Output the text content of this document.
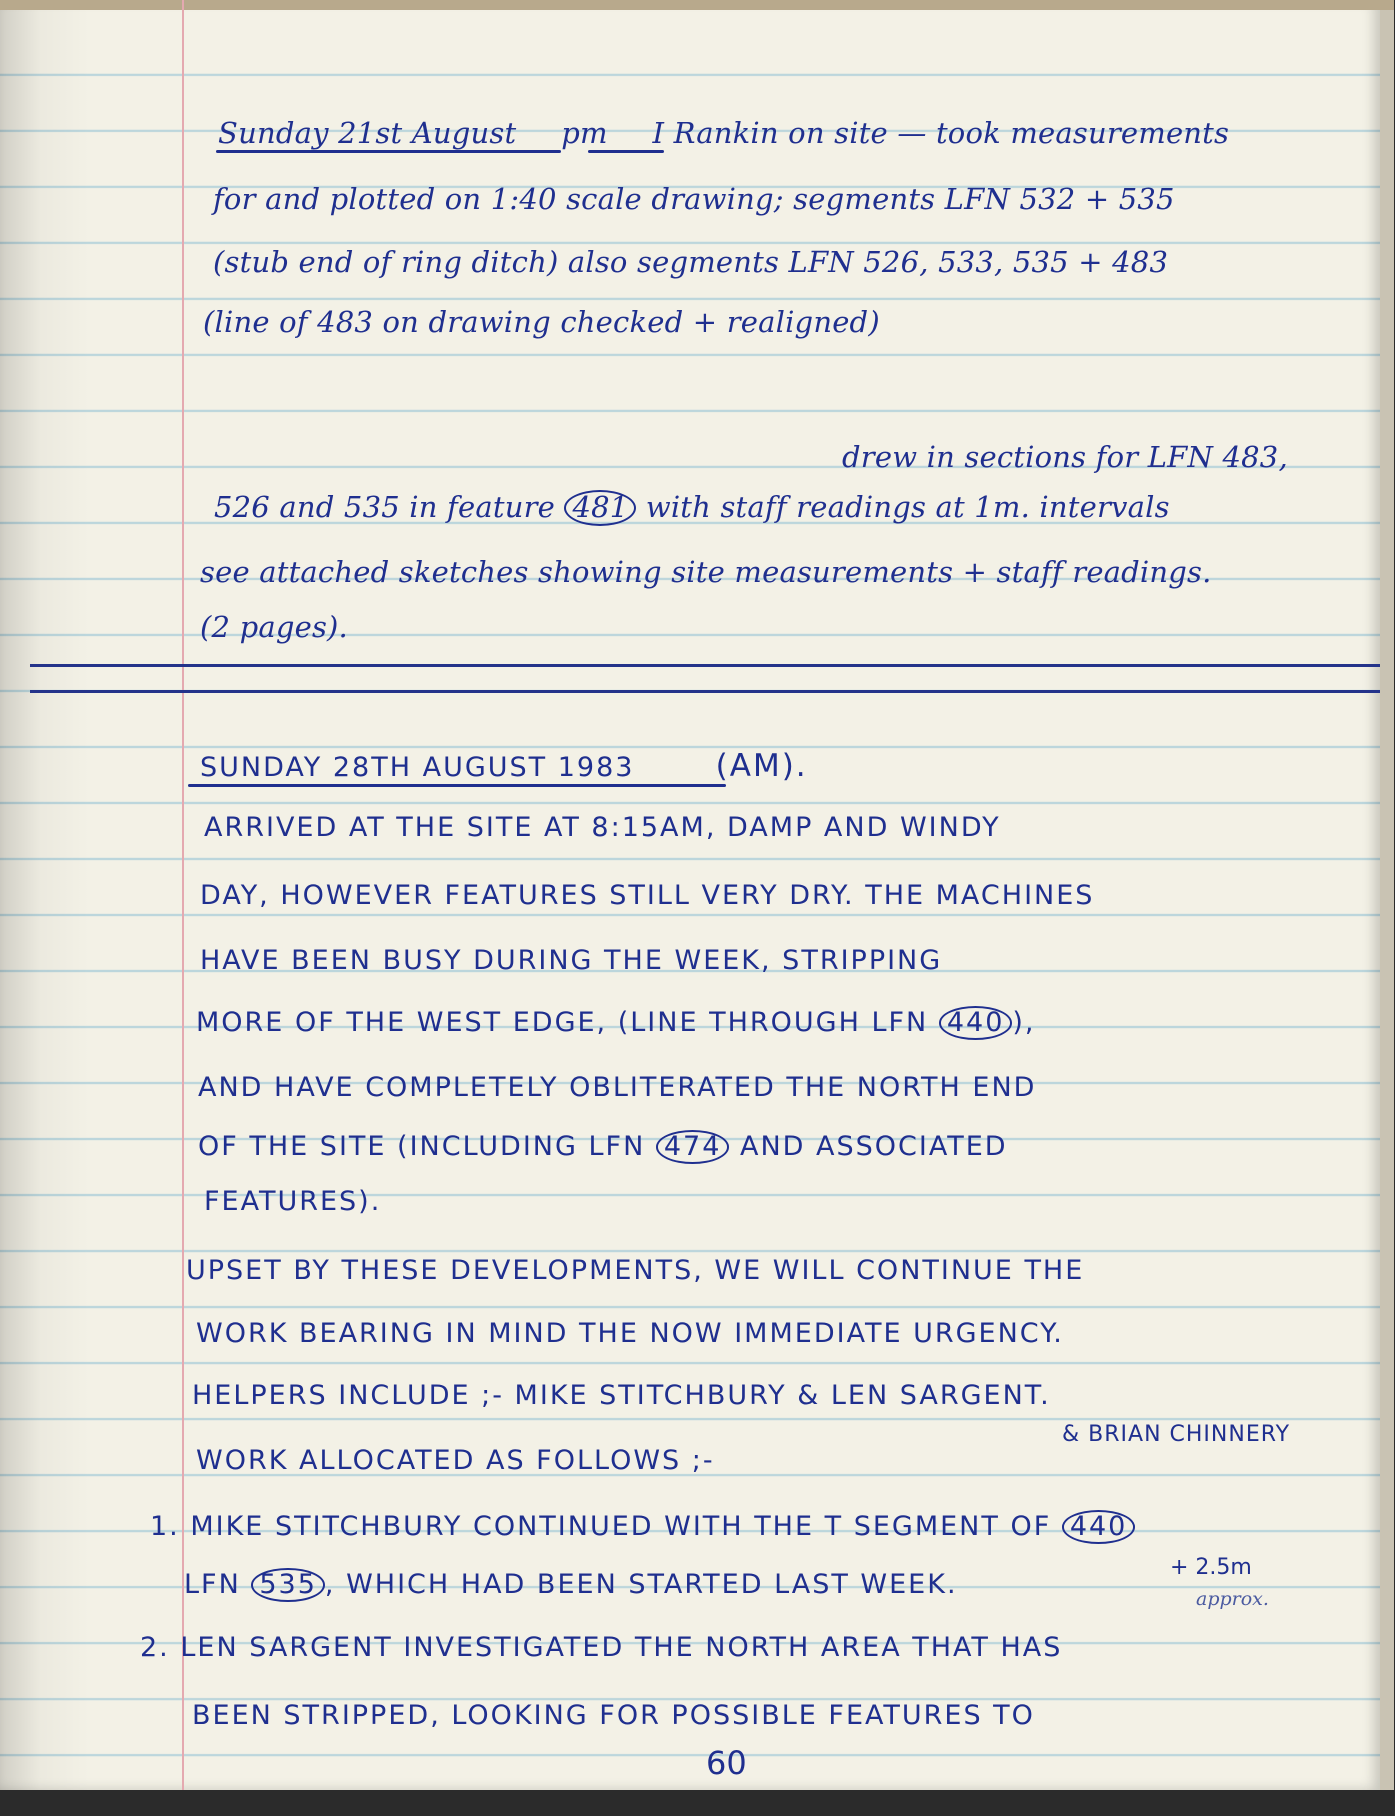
Sunday 21st August pm I Rankin on site — took measurements
for and plotted on 1:40 scale drawing; segments LFN 532 + 535
(stub end of ring ditch) also segments LFN 526, 533, 535 + 483
(line of 483 on drawing checked + realigned)
drew in sections for LFN 483,
526 and 535 in feature 481 with staff readings at 1m. intervals
see attached sketches showing site measurements + staff readings.
(2 pages).
SUNDAY 28TH AUGUST 1983	(AM).
ARRIVED AT THE SITE AT 8:15AM, DAMP AND WINDY
DAY, HOWEVER FEATURES STILL VERY DRY. THE MACHINES
HAVE BEEN BUSY DURING THE WEEK, STRIPPING
MORE OF THE WEST EDGE, (LINE THROUGH LFN 440 ),
AND HAVE COMPLETELY OBLITERATED THE NORTH END
OF THE SITE (INCLUDING LFN 474 AND ASSOCIATED
FEATURES).
UPSET BY THESE DEVELOPMENTS, WE WILL CONTINUE THE
WORK BEARING IN MIND THE NOW IMMEDIATE URGENCY.
HELPERS INCLUDE ;- MIKE STITCHBURY & LEN SARGENT.
& BRIAN CHINNERY
WORK ALLOCATED AS FOLLOWS ;-
1. MIKE STITCHBURY CONTINUED WITH THE T SEGMENT OF 440
LFN 535 , WHICH HAD BEEN STARTED LAST WEEK.
+ 2.5m
approx.
2. LEN SARGENT INVESTIGATED THE NORTH AREA THAT HAS
BEEN STRIPPED, LOOKING FOR POSSIBLE FEATURES TO
60
